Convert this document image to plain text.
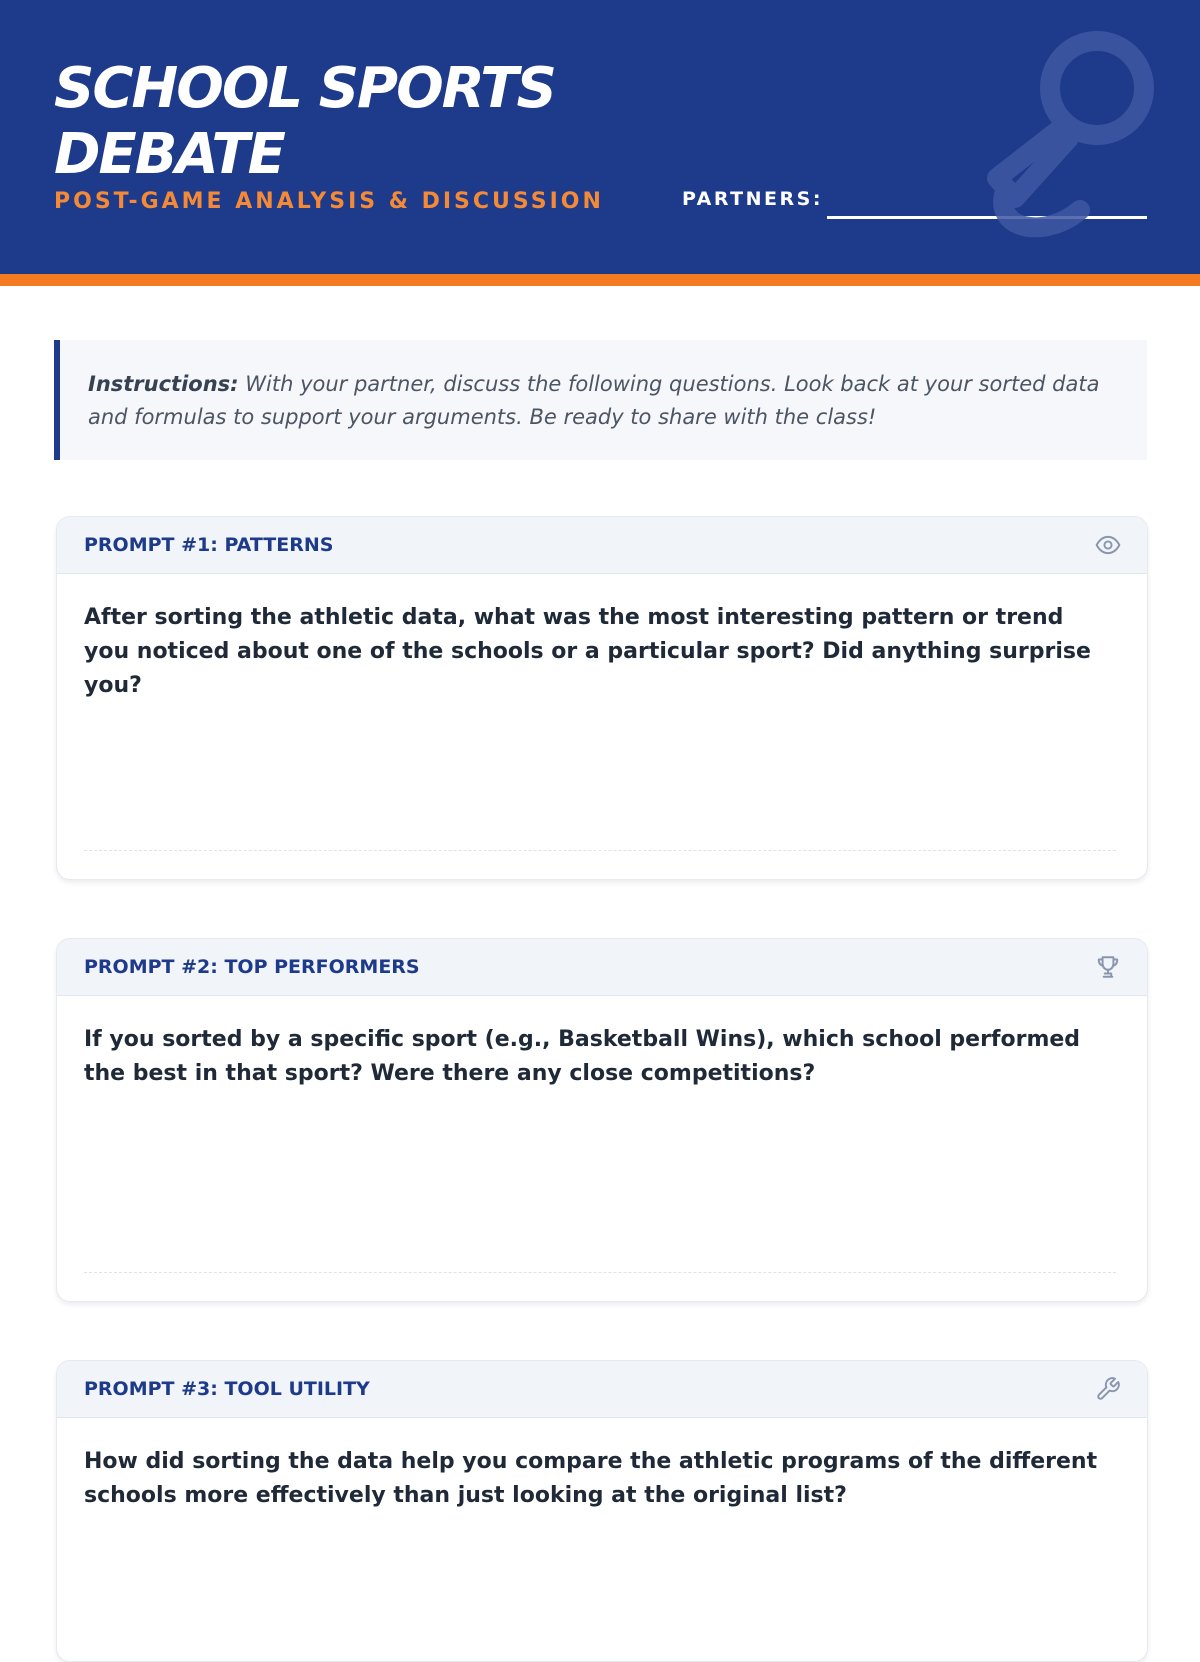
SCHOOL SPORTS DEBATE
POST-GAME ANALYSIS & DISCUSSION	PARTNERS:
Instructions: With your partner, discuss the following questions. Look back at your sorted data and formulas to support your arguments. Be ready to share with the class!
PROMPT #1: PATTERNS

After sorting the athletic data, what was the most interesting pattern or trend you noticed about one of the schools or a particular sport? Did anything surprise you?

PROMPT #2: TOP PERFORMERS

If you sorted by a specific sport (e.g., Basketball Wins), which school performed the best in that sport? Were there any close competitions?

PROMPT #3: TOOL UTILITY

How did sorting the data help you compare the athletic programs of the different schools more effectively than just looking at the original list?
